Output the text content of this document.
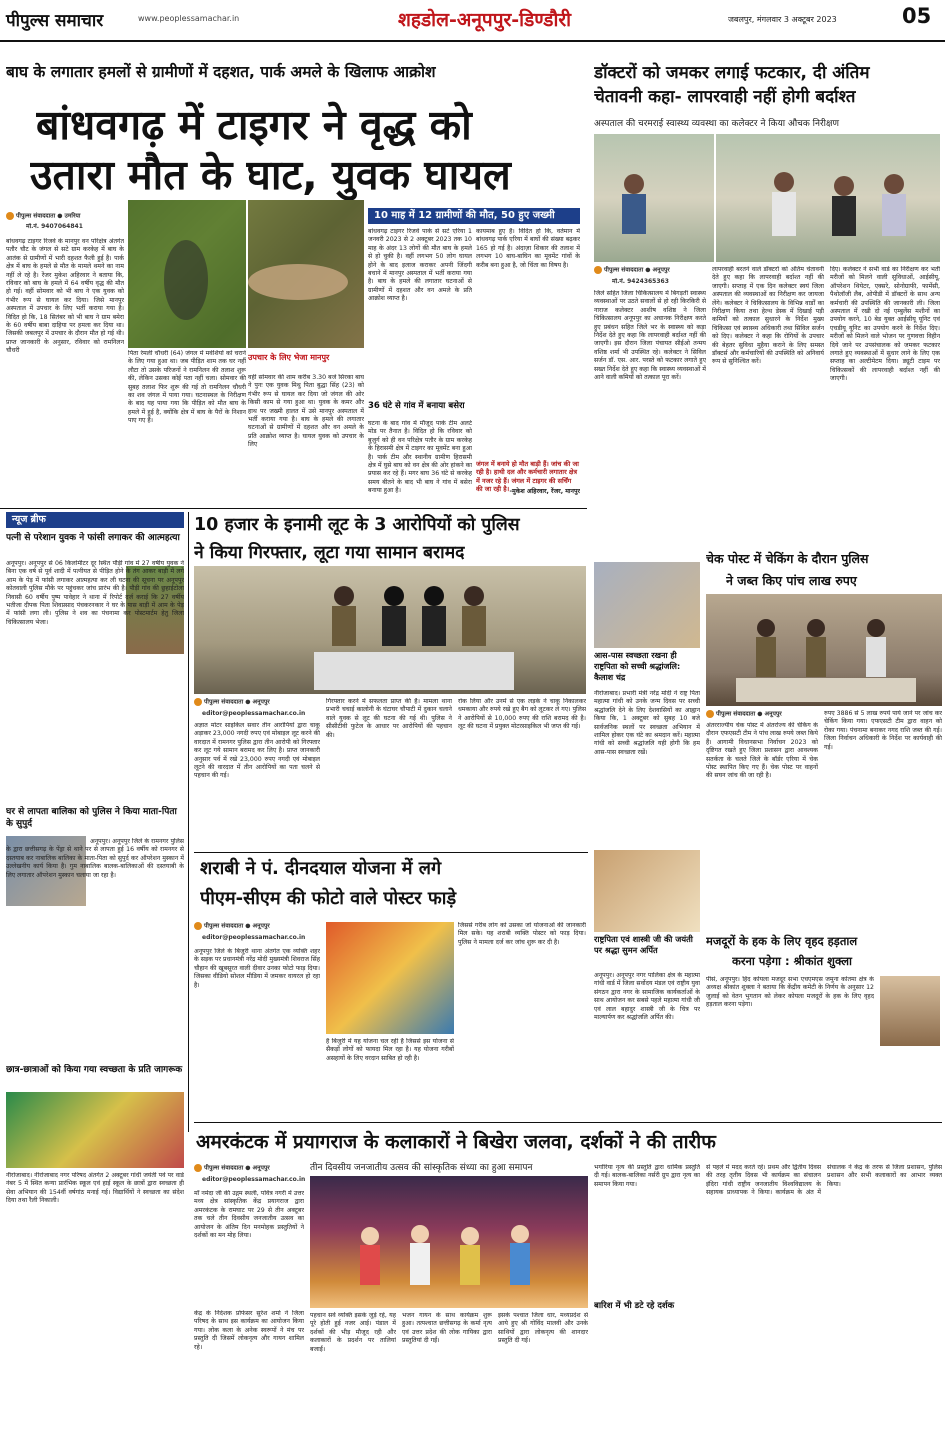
पीपुल्स समाचार	www.peoplessamachar.in	शहडोल-अनूपपुर-डिण्डौरी	जबलपुर, मंगलवार 3 अक्टूबर 2023	05
बाघ के लगातार हमलों से ग्रामीणों में दहशत, पार्क अमले के खिलाफ आक्रोश
बांधवगढ़ में टाइगर ने वृद्ध को
उतारा मौत के घाट, युवक घायल
पीपुल्स संवाददाता ● उमरिया
मो.नं. 9407064841
बांधवगढ़ टाइगर रिजर्व के मानपुर वन परिक्षेत्र अंतर्गत पतौर चौट के जंगल से सटे ग्राम करकेह में बाघ के आतंक से ग्रामीणों में भारी दहशत फैली हुई है। पार्क क्षेत्र में बाघ के हमले से मौत के मामले थमने का नाम नहीं ले रहे है। रेंजर मुकेश अहिरवार ने बताया कि, रविवार को बाघ के हमले में 64 वर्षीय वृद्ध की मौत हो गई। वहीं सोमवार को भी बाघ ने एक युवक को गंभीर रूप से घायल कर दिया। जिसे मानपुर अस्पताल में उपचार के लिए भर्ती कराया गया है। विदित हो कि, 18 सितंबर को भी बाघ ने ग्राम बमेरा के 60 वर्षीय बाबा दाहिया पर हमला कर दिया था। जिसकी जबलपुर में उपचार के दौरान मौत हो गई थी। प्राप्त जानकारी के अनुसार, रविवार को रामनिलन चौधरी	पिता रेमली चौधरी (64) जंगल में मवेशियों को चराने के लिए गया हुआ था। जब पीड़ित शाम तक घर नहीं लौटा तो उसके परिजनों ने रामनिलन की तलाश शुरू की, लेकिन उसका कोई पता नहीं चला। सोमवार की सुबह तलाश फिर शुरू की गई तो रामनिलन चौधरी का शव जंगल में पाया गया। घटनास्थल के निरीक्षण के बाद यह पाया गया कि पीड़ित को मौत बाघ के हमले में हुई है, क्योंकि क्षेत्र में बाघ के पैरों के निशान पाए गए हैं।
उपचार के लिए भेजा मानपुर
वहीं सोमवार की शाम करीब 3.30 बजे सिरका बाघ ने पुनः एक युवक मिथु पिता बुद्धा सिंह (23) को गंभीर रूप से घायल कर दिया जो जंगल की ओर किसी काम से गया हुआ था। युवक के कमर और हाथ पर जख्मी हालत में उसे मानपुर अस्पताल में भर्ती कराया गया है। बाघ के हमले की लगातार घटनाओं से ग्रामीणों में दहशत और वन अमले के प्रति आक्रोश व्याप्त है। घायल युवक को उपचार के लिए
10 माह में 12 ग्रामीणों की मौत, 50 हुए जख्मी
बांधवगढ़ टाइगर रिजर्व पार्क से सटे एरिया 1 जनवरी 2023 से 2 अक्टूबर 2023 तक 10 माह के अंदर 13 लोगों की मौत बाघ के हमले से हो चुकी है। वहीं लगभग 50 लोग घायल होने के बाद इलाज कराकर अपनी जिंदगी बचाने में मानपुर अस्पताल में भर्ती कराया गया है। बाघ के हमले की लगातार घटनाओं से ग्रामीणों में दहशत और वन अमले के प्रति आक्रोश व्याप्त है।
36 घंटे से गांव में बनाया बसेरा
घटना के बाद गांव में मौजूद पार्क टीम अलर्ट मोड पर तैनात है। विदित हो कि रविवार को बुजुर्ग को ही वन परिक्षेत्र पतौर के ग्राम करकेह के हिरासमी क्षेत्र में टाइगर का मूवमेंट बना हुआ है। पार्क टीम और स्थानीय ग्रामीण हिरासमी क्षेत्र में घुसे बाघ को वन क्षेत्र की ओर हांकने का प्रयास कर रहे हैं। मगर बाघ 36 घंटे से करकेह समय बीतने के बाद भी बाघ ने गांव में बसेरा बनाया हुआ है।
कायमाब हुए है। विदित हो कि, वर्तमान में बांधवगढ़ पार्क एरिया में बाघों की संख्या बढ़कर 165 हो गई है। अंदाज़ा शिकार की तलाश में लगभग 10 बाघ-बाघिन का मूवमेंट गांवों के करीब बना हुआ है, जो चिंता का विषय है।
जंगल में बनाये हो मौत बाड़ी हैं। जांच की जा रही है। हाथी दल और कर्मचारी लगातार क्षेत्र में नजर रहे हैं। जंगल में टाइगर की सर्चिंग की जा रही है। -मुकेश अहिरवार, रेंजर, मानपुर
डॉक्टरों को जमकर लगाई फटकार, दी अंतिम
चेतावनी कहा- लापरवाही नहीं होगी बर्दाश्त
अस्पताल की चरमराई स्वास्थ्य व्यवस्था का कलेक्टर ने किया औचक निरीक्षण
पीपुल्स संवाददाता ● अनूपपुर
मो.नं. 9424365363
जिले सहित जिला चिकित्सालय में बिगड़ती स्वास्थ्य व्यवस्थाओं पर उठते सवालों से हो रही किरकिरी से नाराज कलेक्टर आशीष वशिष्ठ ने जिला चिकित्सालय अनूपपुर का अचानक निरीक्षण करते हुए प्रबंधन सहित जिले भर के स्वास्थ्य को कड़ा निर्देश देते हुए कहा कि लापरवाही बर्दाश्त नहीं की जाएगी। इस दौरान जिला पंचायत सीईओ तन्मय वशिष्ठ शर्मा भी उपस्थित रहे। कलेक्टर ने सिविल सर्जन डॉ. एस. आर. परस्ते को फटकार लगाते हुए सख्त निर्देश देते हुए कहा कि स्वास्थ्य व्यवस्थाओं में आने वाली कमियों को तत्काल पूरा करें।
लापरवाही बरतने वाले डॉक्टरों को अंतिम चेतावनी देते हुए कहा कि लापरवाही बर्दाश्त नहीं की जाएगी। सप्ताह में एक दिन कलेक्टर स्वयं जिला अस्पताल की व्यवस्थाओं का निरीक्षण कर जायजा लेंगे। कलेक्टर ने चिकित्सालय के विभिन्न वार्डों का निरीक्षण किया तथा हेल्थ डेस्क में दिखाई पड़ी कमियों को तत्काल सुधारने के निर्देश मुख्य चिकित्सा एवं स्वास्थ्य अधिकारी तथा सिविल सर्जन को दिए। कलेक्टर ने कहा कि रोगियों के उपचार की बेहतर सुविधा मुहैया कराने के लिए समस्त डॉक्टर्स और कर्मचारियों की उपस्थिति को अनिवार्य रूप से सुनिश्चित करें।
दिए। कलेक्टर ने सभी वार्ड का निरीक्षण कर भर्ती मरीजों को मिलने वाली सुविधाओं, आईसीयू, ऑपरेशन थियेटर, एक्सरे, सोनोग्राफी, फार्मेसी, पैथोलॉजी लैब, ओपीडी में डॉक्टरों के साथ अन्य कर्मचारी की उपस्थिति की जानकारी ली। जिला अस्पताल में रखी दो नई एम्बुलेंस मशीनों का उपयोग करने, 10 बेड युक्त आईसीयू यूनिट एवं एचडीयू यूनिट का उपयोग करने के निर्देश दिए। मरीजों को मिलने वाले भोजन पर गुणवत्ता विहीन दिये जाने पर उपसंचालक को जमकर फटकार लगाते हुए व्यवस्थाओं में सुधार लाने के लिए एक सप्ताह का अल्टीमेटम दिया। ड्यूटी टाइम पर चिकित्सकों की लापरवाही बर्दाश्त नहीं की जाएगी।
न्यूज ब्रीफ
पत्नी से परेशान युवक ने फांसी लगाकर की आत्महत्या
अनूपपुर। अनूपपुर से 06 किलोमीटर दूर स्थित पौड़ी गांव में 27 वर्षीय युवक ने बिना एक वर्ष से पूर्व शादी में पत्नीयत से पीड़ित होने के तंग आकर बाड़ी में लगे आम के पेड़ में फांसी लगाकर आत्महत्या कर ली घटना की सूचना पर अनूपपुर कोतवाली पुलिस मौके पर पहुंचकर जांच प्रारंभ की है। पौड़ी गांव की छुहाईटोला निवासी 60 वर्षीय पुष्प पावेहार ने थाना में रिपोर्ट दर्ज कराई कि 27 वर्षीय भतीजा दीपक पिता शिवप्रसाद पंचकरनकार ने घर के पास बाड़ी में आम के पेड़ में फांसी लगा ली। पुलिस ने शव का पंचनामा कर पोस्टमार्टम हेतु जिला चिकित्सालय भेजा।
घर से लापता बालिका को पुलिस ने किया माता-पिता के सुपुर्द
अनूपपुर। अनूपपुर जिले के रामनगर पुलिस के द्वारा छत्तीसगढ़ के पेंड्रा से थाने पर से लापता हुई 16 वर्षीय को रामनगर से दस्तयाब कर नाबालिक बालिका के माता-पिता को सुपुर्द कर ऑपरेशन मुस्कान में उल्लेखनीय कार्य किया है। गुम नाबालिक बालक-बालिकाओं की दस्तयाबी के लिए लगातार ऑपरेशन मुस्कान चलाया जा रहा है।
छात्र-छात्राओं को किया गया स्वच्छता के प्रति जागरूक
नीरोजाबाद। नीरोजाबाद नगर परिषद अंतर्गत 2 अक्टूबर गांधी जयंती पर्व पर वार्ड नंबर 5 में स्थित कन्या प्रारंभिक स्कूल एवं हाई स्कूल के छात्रों द्वारा स्वच्छता ही सेवा अभियान की 154वीं वर्षगांठ मनाई गई। विद्यार्थियों ने स्वच्छता का संदेश दिया तथा रैली निकाली।
10 हजार के इनामी लूट के 3 आरोपियों को पुलिस
ने किया गिरफ्तार, लूटा गया सामान बरामद
पीपुल्स संवाददाता ● अनूपपुर
editor@peoplessamachar.co.in
अज्ञात मोटर साइकिल सवार तीन आरोपियों द्वारा चाकू अड़ाकर 23,000 नगदी रुपए एवं मोबाइल लूट करने की वारदात में रामनगर पुलिस द्वारा तीन आरोपी को गिरफ्तार कर लूट गये सामान बरामद कर लिए है। प्राप्त जानकारी अनुसार पर्व में रखे 23,000 रुपए नगदी एवं मोबाइल लूटने की वारदात में तीन आरोपियों का पता चलने से पहचान की गई।
गिरफ्तार करने में सफलता प्राप्त की है। मामला थाना प्रभारी चचाई कालोनी के घंटाघर चौपाटी में दुकान चलाने वाले युवक से लूट की घटना की गई थी। पुलिस ने सीसीटीवी फुटेज के आधार पर आरोपियों की पहचान की।
रोक लिया और उनमें से एक लड़के ने चाकू निकालकर धमकाया और रुपये रखे हुए बैग को लूटकर ले गए। पुलिस ने आरोपियों से 10,000 रुपए की राशि बरामद की है। लूट की घटना में प्रयुक्त मोटरसाइकिल भी जप्त की गई।
आस-पास स्वच्छता रखना ही राष्ट्रपिता को सच्ची श्रद्धांजलि: कैलाश चंद्र
नीरोजाबाद। प्रभारी मंत्री नरेंद्र मोदी ने राष्ट्र पिता महात्मा गांधी को उनके जन्म दिवस पर सच्ची श्रद्धांजलि देने के लिए देशवासियों का आह्वान किया कि, 1 अक्टूबर को सुबह 10 बजे सार्वजनिक स्थलों पर स्वच्छता अभियान में शामिल होकर एक घंटे का श्रमदान करें। महात्मा गांधी को सच्ची श्रद्धांजलि यही होगी कि हम आस-पास स्वच्छता रखें।
चेक पोस्ट में चेकिंग के दौरान पुलिस
ने जब्त किए पांच लाख रुपए
पीपुल्स संवाददाता ● अनूपपुर
अंतरराज्यीय चेक पोस्ट में अंतर्राज्य की चेकिंग के दौरान एफएसटी टीम ने पांच लाख रुपये जब्त किये हैं। आगामी विधानसभा निर्वाचन 2023 को दृष्टिगत रखते हुए जिला प्रशासन द्वारा आवश्यक सतर्कता के चलते जिले के बॉर्डर एरिया में चेक पोस्ट स्थापित किए गए हैं। चेक पोस्ट पर वाहनों की सघन जांच की जा रही है।
रुपए 3886 से 5 लाख रुपये पाये जाने पर जांच कर चेकिंग किया गया। एफएसटी टीम द्वारा वाहन को रोका गया। पंचनामा बनाकर नगद राशि जब्त की गई। जिला निर्वाचन अधिकारी के निर्देश पर कार्यवाही की गई।
शराबी ने पं. दीनदयाल योजना में लगे
पीएम-सीएम की फोटो वाले पोस्टर फाड़े
पीपुल्स संवाददाता ● अनूपपुर
editor@peoplessamachar.co.in
अनूपपुर जिले के बिजुरी थाना अंतर्गत एक व्यक्ति शहर के सड़क पर प्रधानमंत्री नरेंद्र मोदी मुख्यमंत्री शिवराज सिंह चौहान की खूबसूरत वाली दीवार उनका फोटो फाड़ दिया। जिसका वीडियो सोशल मीडिया में जमकर वायरल हो रहा है।
है बिजुरी में यह योजना चल रही है जिससे इस योजना से सैकड़ों लोगों को फायदा मिल रहा है। यह योजना गरीबों असहायों के लिए वरदान साबित हो रही है।
जिससे गरीब लोग को उसका जो योजनाओं की जानकारी मिल सके। यह शराबी व्यक्ति पोस्टर को फाड़ दिया। पुलिस ने मामला दर्ज कर जांच शुरू कर दी है।	राष्ट्रपिता एवं शास्त्री जी की जयंती पर श्रद्धा सुमन अर्पित
अनूपपुर। अनूपपुर नगर पालिका क्षेत्र के महात्मा गांधी वार्ड में जिला सर्वोदय मंडल एवं राष्ट्रीय युवा संगठन द्वारा नगर के सामाजिक कार्यकर्ताओं के साथ आयोजन कर सबसे पहले महात्मा गांधी जी एवं लाल बहादुर शास्त्री जी के चित्र पर माल्यार्पण कर श्रद्धांजलि अर्पित की।
मजदूरों के हक के लिए वृहद हड़ताल
करना पड़ेगा : श्रीकांत शुक्ला
पीसं, अनूपपुर। हिंद कोयला मजदूर सभा एचएमएस जमुना कोतमा क्षेत्र के अध्यक्ष श्रीकांत शुक्ला ने बताया कि केंद्रीय कमेटी के निर्णय के अनुसार 12 जुलाई को वेतन भुगतान को लेकर कोयला मजदूरों के हक के लिए वृहद हड़ताल करना पड़ेगा।
अमरकंटक में प्रयागराज के कलाकारों ने बिखेरा जलवा, दर्शकों ने की तारीफ
तीन दिवसीय जनजातीय उत्सव की सांस्कृतिक संध्या का हुआ समापन
पीपुल्स संवाददाता ● अनूपपुर
editor@peoplessamachar.co.in
माँ नर्मदा जी की उद्गम स्थली, पवित्र नगरी में उत्तर मध्य क्षेत्र सांस्कृतिक केंद्र प्रयागराज द्वारा अमरकंटक के रामघाट पर 29 से तीन अक्टूबर तक चले तीन दिवसीय जनजातीय उत्सव का आयोजन के अंतिम दिन मनमोहक प्रस्तुतियों ने दर्शकों का मन मोह लिया।
केंद्र के निदेशक प्रोफेसर सुरेश शर्मा ने जिला परिषद के साथ इस कार्यक्रम का आयोजन किया गया। लोक कला के अनेक स्वरूपों ने मंच पर प्रस्तुति दी जिसमें लोकनृत्य और गायन शामिल रहे।
पहचान सर्वे व्यक्ति इसके जुड़े रहे, यह पूरे होती हुई नजर आई। पंडाल में दर्शकों की भीड़ मौजूद रही और कलाकारों के प्रदर्शन पर तालियां बजाईं।
भजन गायन के साथ कार्यक्रम शुरू हुआ। तत्पश्चात छत्तीसगढ़ के कर्मा नृत्य एवं उत्तर प्रदेश की लोक गायिका द्वारा प्रस्तुतियां दी गईं।
इसके पश्चात जिला धार, मध्यप्रदेश से आये हुए श्री गोविंद मालवी और उनके साथियों द्वारा लोकनृत्य की शानदार प्रस्तुति दी गई।
भगोरिया नृत्य की प्रस्तुति द्वारा धार्मिक प्रस्तुति दी गई। बालक-बालिका नर्सरी ग्रुप द्वारा नृत्य का समापन किया गया।
बारिश में भी डटे रहे दर्शक
से पहले में मदद करते रहे। प्रथम और द्वितीय दिवस की तरह तृतीय दिवस भी कार्यक्रम का संचालन इंदिरा गांधी राष्ट्रीय जनजातीय विश्वविद्यालय के सहायक प्राध्यापक ने किया। कार्यक्रम के अंत में संचालक ने केंद्र के तरफ से जिला प्रशासन, पुलिस प्रशासन और सभी कलाकारों का आभार व्यक्त किया।
